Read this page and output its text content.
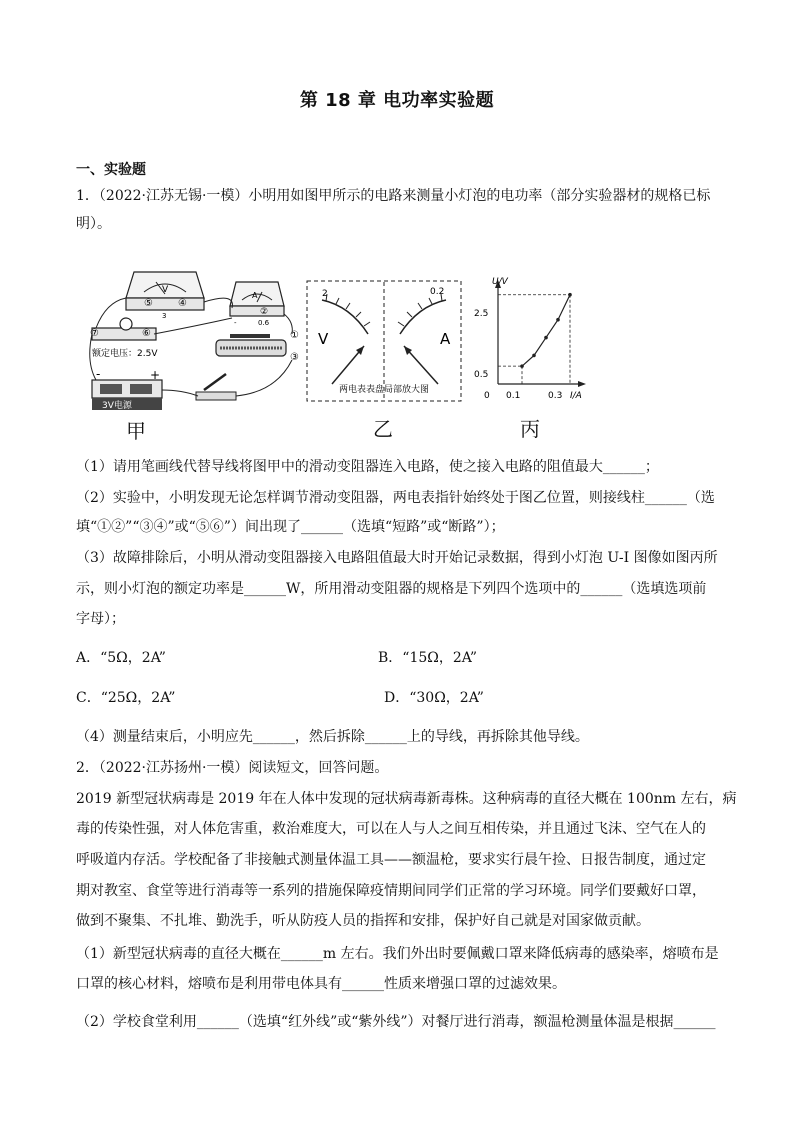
第 18 章 电功率实验题
一、实验题
1．（2022·江苏无锡·一模）小明用如图甲所示的电路来测量小灯泡的电功率（部分实验器材的规格已标
明）。
V
⑤	④
3
A
②
-	0.6
⑦	⑥
额定电压：2.5V
①
③
-	+
3V电源
甲
2
V
0.2
A
两电表表盘局部放大图
乙
U/V
I/A
2.5
0.5
0 0.1	0.3
丙
（1）请用笔画线代替导线将图甲中的滑动变阻器连入电路，使之接入电路的阻值最大______；
（2）实验中，小明发现无论怎样调节滑动变阻器，两电表指针始终处于图乙位置，则接线柱______（选
填“①②”“③④”或“⑤⑥”）间出现了______（选填“短路”或“断路”）；
（3）故障排除后，小明从滑动变阻器接入电路阻值最大时开始记录数据，得到小灯泡 U-I 图像如图丙所
示，则小灯泡的额定功率是______W，所用滑动变阻器的规格是下列四个选项中的______（选填选项前
字母）；
A．“5Ω，2A”	B．“15Ω，2A”
C．“25Ω，2A”	D．“30Ω，2A”
（4）测量结束后，小明应先______，然后拆除______上的导线，再拆除其他导线。
2．（2022·江苏扬州·一模）阅读短文，回答问题。
2019 新型冠状病毒是 2019 年在人体中发现的冠状病毒新毒株。这种病毒的直径大概在 100nm 左右，病
毒的传染性强，对人体危害重，救治难度大，可以在人与人之间互相传染，并且通过飞沫、空气在人的
呼吸道内存活。学校配备了非接触式测量体温工具——额温枪，要求实行晨午捡、日报告制度，通过定
期对教室、食堂等进行消毒等一系列的措施保障疫情期间同学们正常的学习环境。同学们要戴好口罩，
做到不聚集、不扎堆、勤洗手，听从防疫人员的指挥和安排，保护好自己就是对国家做贡献。
（1）新型冠状病毒的直径大概在______m 左右。我们外出时要佩戴口罩来降低病毒的感染率，熔喷布是
口罩的核心材料，熔喷布是利用带电体具有______性质来增强口罩的过滤效果。
（2）学校食堂利用______（选填“红外线”或“紫外线”）对餐厅进行消毒，额温枪测量体温是根据______
